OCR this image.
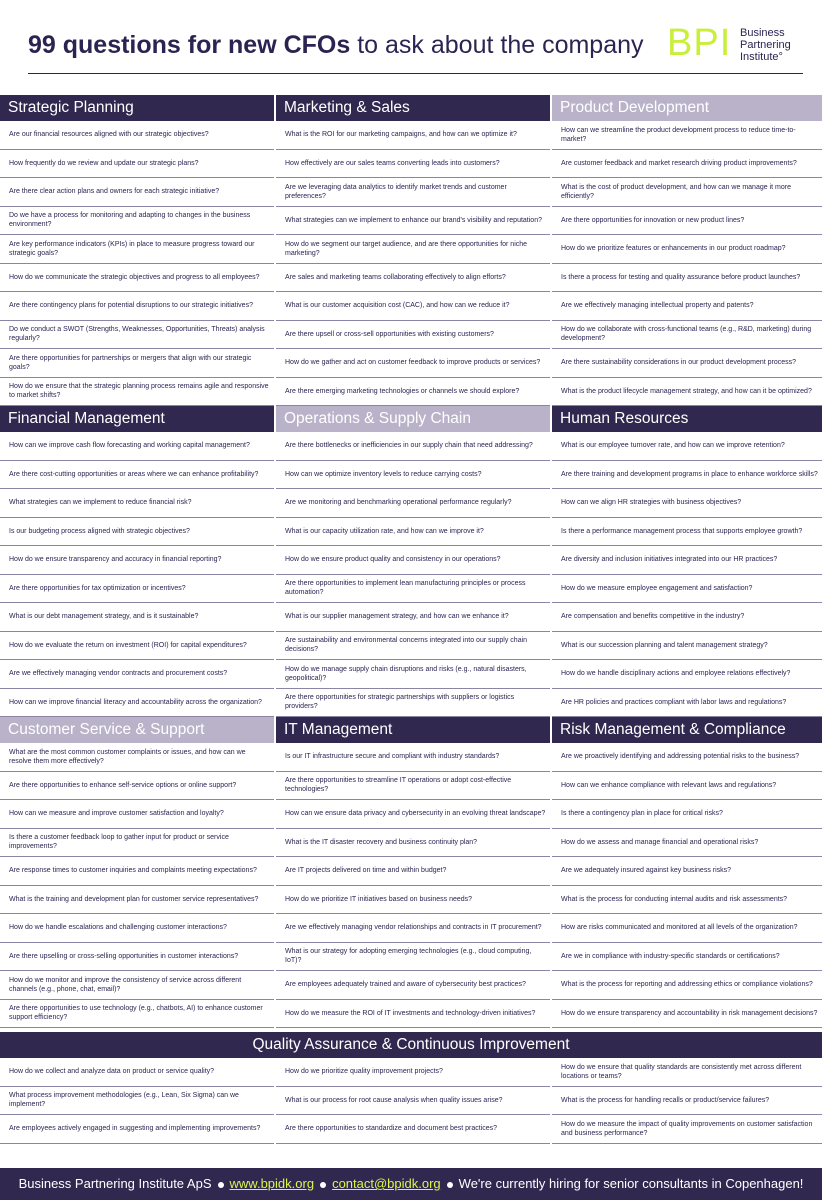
99 questions for new CFOs to ask about the company BPI Business
Partnering
Institute°
Strategic Planning
Are our financial resources aligned with our strategic objectives?
How frequently do we review and update our strategic plans?
Are there clear action plans and owners for each strategic initiative?
Do we have a process for monitoring and adapting to changes in the business environment?
Are key performance indicators (KPIs) in place to measure progress toward our strategic goals?
How do we communicate the strategic objectives and progress to all employees?
Are there contingency plans for potential disruptions to our strategic initiatives?
Do we conduct a SWOT (Strengths, Weaknesses, Opportunities, Threats) analysis regularly?
Are there opportunities for partnerships or mergers that align with our strategic goals?
How do we ensure that the strategic planning process remains agile and responsive to market shifts?
Marketing & Sales
What is the ROI for our marketing campaigns, and how can we optimize it?
How effectively are our sales teams converting leads into customers?
Are we leveraging data analytics to identify market trends and customer preferences?
What strategies can we implement to enhance our brand's visibility and reputation?
How do we segment our target audience, and are there opportunities for niche marketing?
Are sales and marketing teams collaborating effectively to align efforts?
What is our customer acquisition cost (CAC), and how can we reduce it?
Are there upsell or cross-sell opportunities with existing customers?
How do we gather and act on customer feedback to improve products or services?
Are there emerging marketing technologies or channels we should explore?
Product Development
How can we streamline the product development process to reduce time-to-market?
Are customer feedback and market research driving product improvements?
What is the cost of product development, and how can we manage it more efficiently?
Are there opportunities for innovation or new product lines?
How do we prioritize features or enhancements in our product roadmap?
Is there a process for testing and quality assurance before product launches?
Are we effectively managing intellectual property and patents?
How do we collaborate with cross-functional teams (e.g., R&D, marketing) during development?
Are there sustainability considerations in our product development process?
What is the product lifecycle management strategy, and how can it be optimized?
Financial Management
How can we improve cash flow forecasting and working capital management?
Are there cost-cutting opportunities or areas where we can enhance profitability?
What strategies can we implement to reduce financial risk?
Is our budgeting process aligned with strategic objectives?
How do we ensure transparency and accuracy in financial reporting?
Are there opportunities for tax optimization or incentives?
What is our debt management strategy, and is it sustainable?
How do we evaluate the return on investment (ROI) for capital expenditures?
Are we effectively managing vendor contracts and procurement costs?
How can we improve financial literacy and accountability across the organization?
Operations & Supply Chain
Are there bottlenecks or inefficiencies in our supply chain that need addressing?
How can we optimize inventory levels to reduce carrying costs?
Are we monitoring and benchmarking operational performance regularly?
What is our capacity utilization rate, and how can we improve it?
How do we ensure product quality and consistency in our operations?
Are there opportunities to implement lean manufacturing principles or process automation?
What is our supplier management strategy, and how can we enhance it?
Are sustainability and environmental concerns integrated into our supply chain decisions?
How do we manage supply chain disruptions and risks (e.g., natural disasters, geopolitical)?
Are there opportunities for strategic partnerships with suppliers or logistics providers?
Human Resources
What is our employee turnover rate, and how can we improve retention?
Are there training and development programs in place to enhance workforce skills?
How can we align HR strategies with business objectives?
Is there a performance management process that supports employee growth?
Are diversity and inclusion initiatives integrated into our HR practices?
How do we measure employee engagement and satisfaction?
Are compensation and benefits competitive in the industry?
What is our succession planning and talent management strategy?
How do we handle disciplinary actions and employee relations effectively?
Are HR policies and practices compliant with labor laws and regulations?
Customer Service & Support
What are the most common customer complaints or issues, and how can we resolve them more effectively?
Are there opportunities to enhance self-service options or online support?
How can we measure and improve customer satisfaction and loyalty?
Is there a customer feedback loop to gather input for product or service improvements?
Are response times to customer inquiries and complaints meeting expectations?
What is the training and development plan for customer service representatives?
How do we handle escalations and challenging customer interactions?
Are there upselling or cross-selling opportunities in customer interactions?
How do we monitor and improve the consistency of service across different channels (e.g., phone, chat, email)?
Are there opportunities to use technology (e.g., chatbots, AI) to enhance customer support efficiency?
IT Management
Is our IT infrastructure secure and compliant with industry standards?
Are there opportunities to streamline IT operations or adopt cost-effective technologies?
How can we ensure data privacy and cybersecurity in an evolving threat landscape?
What is the IT disaster recovery and business continuity plan?
Are IT projects delivered on time and within budget?
How do we prioritize IT initiatives based on business needs?
Are we effectively managing vendor relationships and contracts in IT procurement?
What is our strategy for adopting emerging technologies (e.g., cloud computing, IoT)?
Are employees adequately trained and aware of cybersecurity best practices?
How do we measure the ROI of IT investments and technology-driven initiatives?
Risk Management & Compliance
Are we proactively identifying and addressing potential risks to the business?
How can we enhance compliance with relevant laws and regulations?
Is there a contingency plan in place for critical risks?
How do we assess and manage financial and operational risks?
Are we adequately insured against key business risks?
What is the process for conducting internal audits and risk assessments?
How are risks communicated and monitored at all levels of the organization?
Are we in compliance with industry-specific standards or certifications?
What is the process for reporting and addressing ethics or compliance violations?
How do we ensure transparency and accountability in risk management decisions?
Quality Assurance & Continuous Improvement
How do we collect and analyze data on product or service quality?
What process improvement methodologies (e.g., Lean, Six Sigma) can we implement?
Are employees actively engaged in suggesting and implementing improvements?
How do we prioritize quality improvement projects?
What is our process for root cause analysis when quality issues arise?
Are there opportunities to standardize and document best practices?
How do we ensure that quality standards are consistently met across different locations or teams?
What is the process for handling recalls or product/service failures?
How do we measure the impact of quality improvements on customer satisfaction and business performance?
Business Partnering Institute ApS www.bpidk.org contact@bpidk.org We're currently hiring for senior consultants in Copenhagen!
